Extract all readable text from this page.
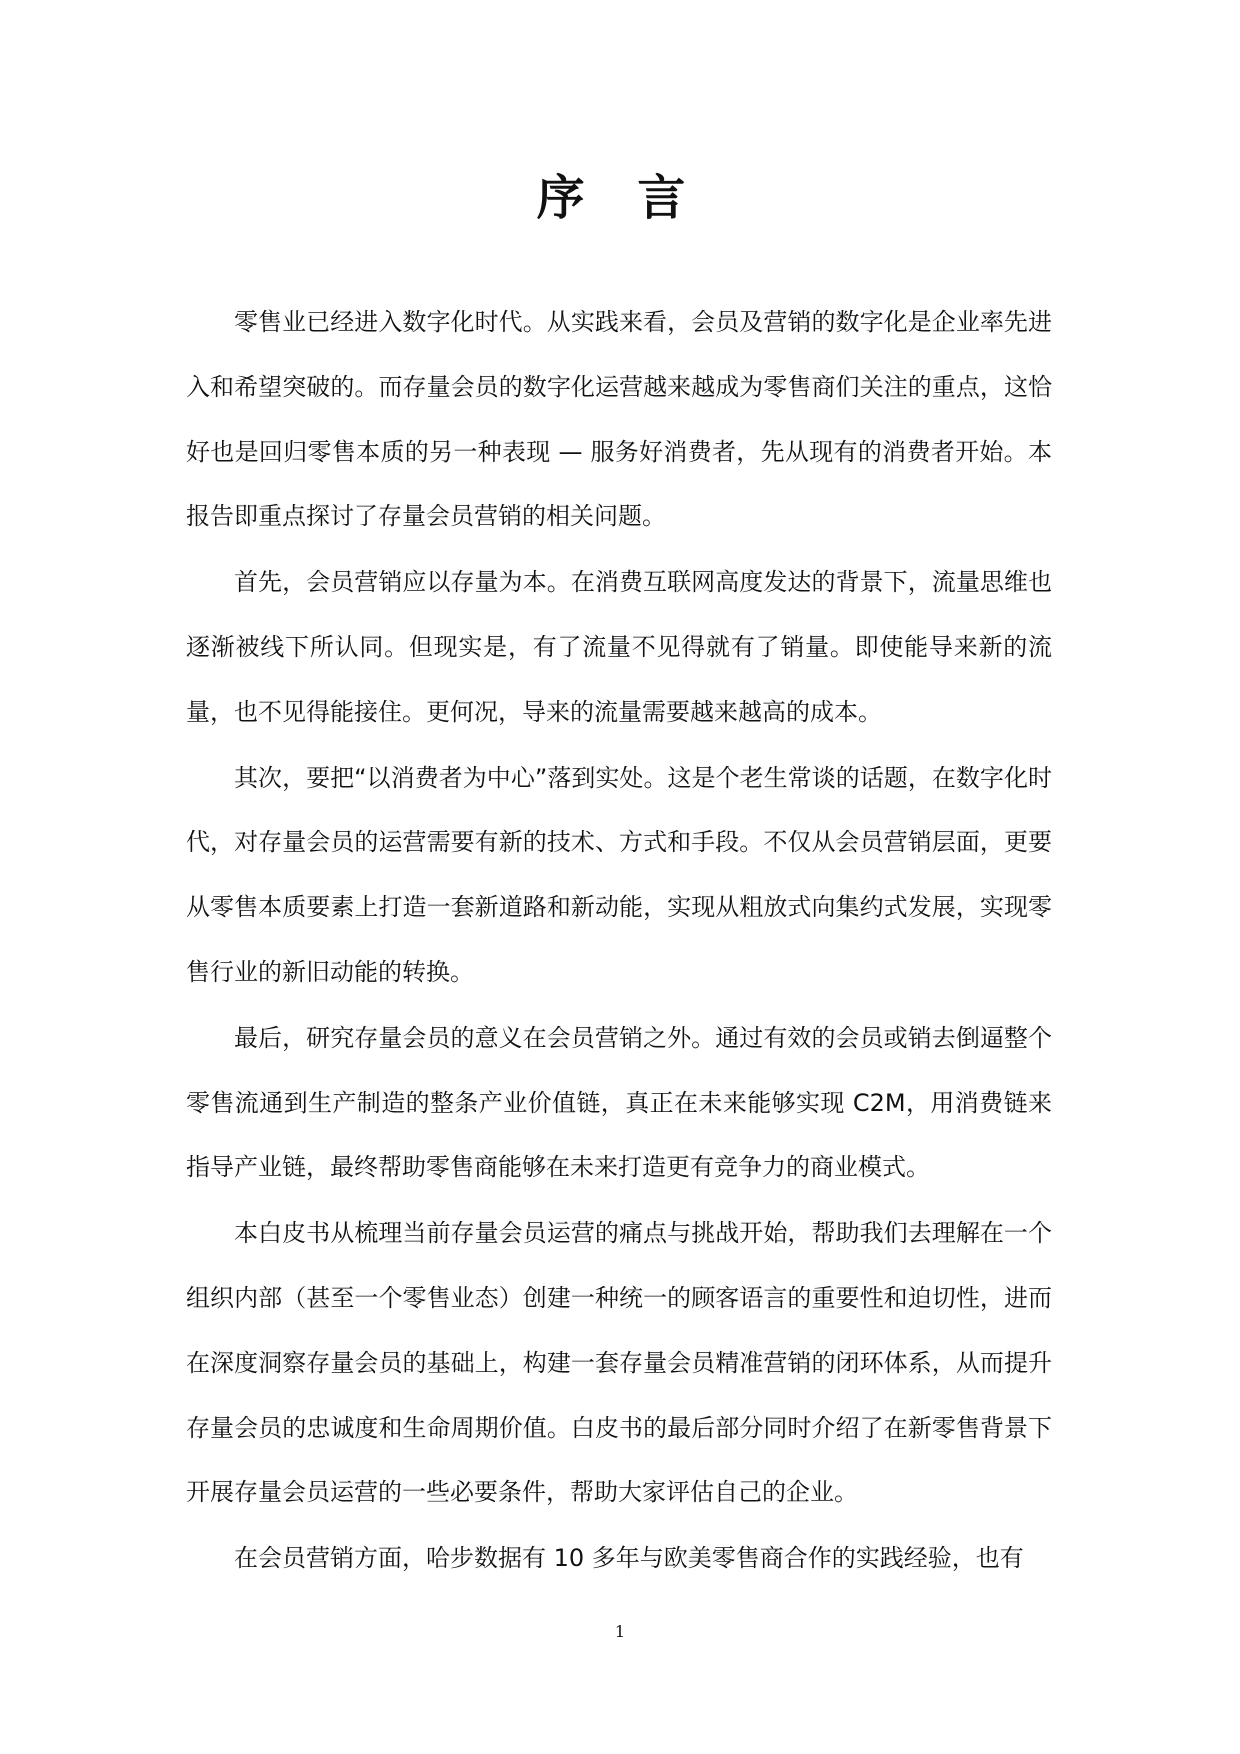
序 言

零售业已经进入数字化时代。从实践来看，会员及营销的数字化是企业率先进入和希望突破的。而存量会员的数字化运营越来越成为零售商们关注的重点，这恰好也是回归零售本质的另一种表现 — 服务好消费者，先从现有的消费者开始。本报告即重点探讨了存量会员营销的相关问题。

首先，会员营销应以存量为本。在消费互联网高度发达的背景下，流量思维也逐渐被线下所认同。但现实是，有了流量不见得就有了销量。即使能导来新的流量，也不见得能接住。更何况，导来的流量需要越来越高的成本。

其次，要把“以消费者为中心”落到实处。这是个老生常谈的话题，在数字化时代，对存量会员的运营需要有新的技术、方式和手段。不仅从会员营销层面，更要从零售本质要素上打造一套新道路和新动能，实现从粗放式向集约式发展，实现零售行业的新旧动能的转换。

最后，研究存量会员的意义在会员营销之外。通过有效的会员或销去倒逼整个零售流通到生产制造的整条产业价值链，真正在未来能够实现 C2M，用消费链来指导产业链，最终帮助零售商能够在未来打造更有竞争力的商业模式。

本白皮书从梳理当前存量会员运营的痛点与挑战开始，帮助我们去理解在一个组织内部（甚至一个零售业态）创建一种统一的顾客语言的重要性和迫切性，进而在深度洞察存量会员的基础上，构建一套存量会员精准营销的闭环体系，从而提升存量会员的忠诚度和生命周期价值。白皮书的最后部分同时介绍了在新零售背景下开展存量会员运营的一些必要条件，帮助大家评估自己的企业。

在会员营销方面，哈步数据有 10 多年与欧美零售商合作的实践经验，也有

1
